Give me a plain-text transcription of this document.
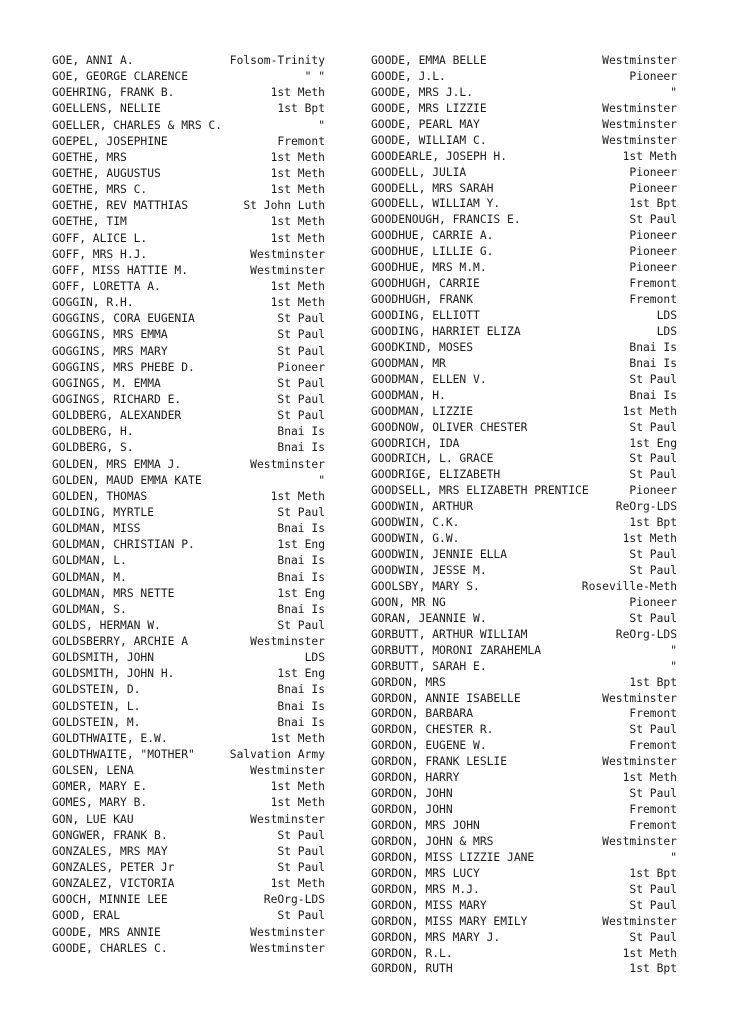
GOE, ANNI A.	Folsom-Trinity
GOE, GEORGE CLARENCE	" "
GOEHRING, FRANK B.	1st Meth
GOELLENS, NELLIE	1st Bpt
GOELLER, CHARLES & MRS C.	"
GOEPEL, JOSEPHINE	Fremont
GOETHE, MRS	1st Meth
GOETHE, AUGUSTUS	1st Meth
GOETHE, MRS C.	1st Meth
GOETHE, REV MATTHIAS	St John Luth
GOETHE, TIM	1st Meth
GOFF, ALICE L.	1st Meth
GOFF, MRS H.J.	Westminster
GOFF, MISS HATTIE M.	Westminster
GOFF, LORETTA A.	1st Meth
GOGGIN, R.H.	1st Meth
GOGGINS, CORA EUGENIA	St Paul
GOGGINS, MRS EMMA	St Paul
GOGGINS, MRS MARY	St Paul
GOGGINS, MRS PHEBE D.	Pioneer
GOGINGS, M. EMMA	St Paul
GOGINGS, RICHARD E.	St Paul
GOLDBERG, ALEXANDER	St Paul
GOLDBERG, H.	Bnai Is
GOLDBERG, S.	Bnai Is
GOLDEN, MRS EMMA J.	Westminster
GOLDEN, MAUD EMMA KATE	"
GOLDEN, THOMAS	1st Meth
GOLDING, MYRTLE	St Paul
GOLDMAN, MISS	Bnai Is
GOLDMAN, CHRISTIAN P.	1st Eng
GOLDMAN, L.	Bnai Is
GOLDMAN, M.	Bnai Is
GOLDMAN, MRS NETTE	1st Eng
GOLDMAN, S.	Bnai Is
GOLDS, HERMAN W.	St Paul
GOLDSBERRY, ARCHIE A	Westminster
GOLDSMITH, JOHN	LDS
GOLDSMITH, JOHN H.	1st Eng
GOLDSTEIN, D.	Bnai Is
GOLDSTEIN, L.	Bnai Is
GOLDSTEIN, M.	Bnai Is
GOLDTHWAITE, E.W.	1st Meth
GOLDTHWAITE, "MOTHER"	Salvation Army
GOLSEN, LENA	Westminster
GOMER, MARY E.	1st Meth
GOMES, MARY B.	1st Meth
GON, LUE KAU	Westminster
GONGWER, FRANK B.	St Paul
GONZALES, MRS MAY	St Paul
GONZALES, PETER Jr	St Paul
GONZALEZ, VICTORIA	1st Meth
GOOCH, MINNIE LEE	ReOrg-LDS
GOOD, ERAL	St Paul
GOODE, MRS ANNIE	Westminster
GOODE, CHARLES C.	Westminster
GOODE, EMMA BELLE	Westminster
GOODE, J.L.	Pioneer
GOODE, MRS J.L.	"
GOODE, MRS LIZZIE	Westminster
GOODE, PEARL MAY	Westminster
GOODE, WILLIAM C.	Westminster
GOODEARLE, JOSEPH H.	1st Meth
GOODELL, JULIA	Pioneer
GOODELL, MRS SARAH	Pioneer
GOODELL, WILLIAM Y.	1st Bpt
GOODENOUGH, FRANCIS E.	St Paul
GOODHUE, CARRIE A.	Pioneer
GOODHUE, LILLIE G.	Pioneer
GOODHUE, MRS M.M.	Pioneer
GOODHUGH, CARRIE	Fremont
GOODHUGH, FRANK	Fremont
GOODING, ELLIOTT	LDS
GOODING, HARRIET ELIZA	LDS
GOODKIND, MOSES	Bnai Is
GOODMAN, MR	Bnai Is
GOODMAN, ELLEN V.	St Paul
GOODMAN, H.	Bnai Is
GOODMAN, LIZZIE	1st Meth
GOODNOW, OLIVER CHESTER	St Paul
GOODRICH, IDA	1st Eng
GOODRICH, L. GRACE	St Paul
GOODRIGE, ELIZABETH	St Paul
GOODSELL, MRS ELIZABETH PRENTICE	Pioneer
GOODWIN, ARTHUR	ReOrg-LDS
GOODWIN, C.K.	1st Bpt
GOODWIN, G.W.	1st Meth
GOODWIN, JENNIE ELLA	St Paul
GOODWIN, JESSE M.	St Paul
GOOLSBY, MARY S.	Roseville-Meth
GOON, MR NG	Pioneer
GORAN, JEANNIE W.	St Paul
GORBUTT, ARTHUR WILLIAM	ReOrg-LDS
GORBUTT, MORONI ZARAHEMLA	"
GORBUTT, SARAH E.	"
GORDON, MRS	1st Bpt
GORDON, ANNIE ISABELLE	Westminster
GORDON, BARBARA	Fremont
GORDON, CHESTER R.	St Paul
GORDON, EUGENE W.	Fremont
GORDON, FRANK LESLIE	Westminster
GORDON, HARRY	1st Meth
GORDON, JOHN	St Paul
GORDON, JOHN	Fremont
GORDON, MRS JOHN	Fremont
GORDON, JOHN & MRS	Westminster
GORDON, MISS LIZZIE JANE	"
GORDON, MRS LUCY	1st Bpt
GORDON, MRS M.J.	St Paul
GORDON, MISS MARY	St Paul
GORDON, MISS MARY EMILY	Westminster
GORDON, MRS MARY J.	St Paul
GORDON, R.L.	1st Meth
GORDON, RUTH	1st Bpt
